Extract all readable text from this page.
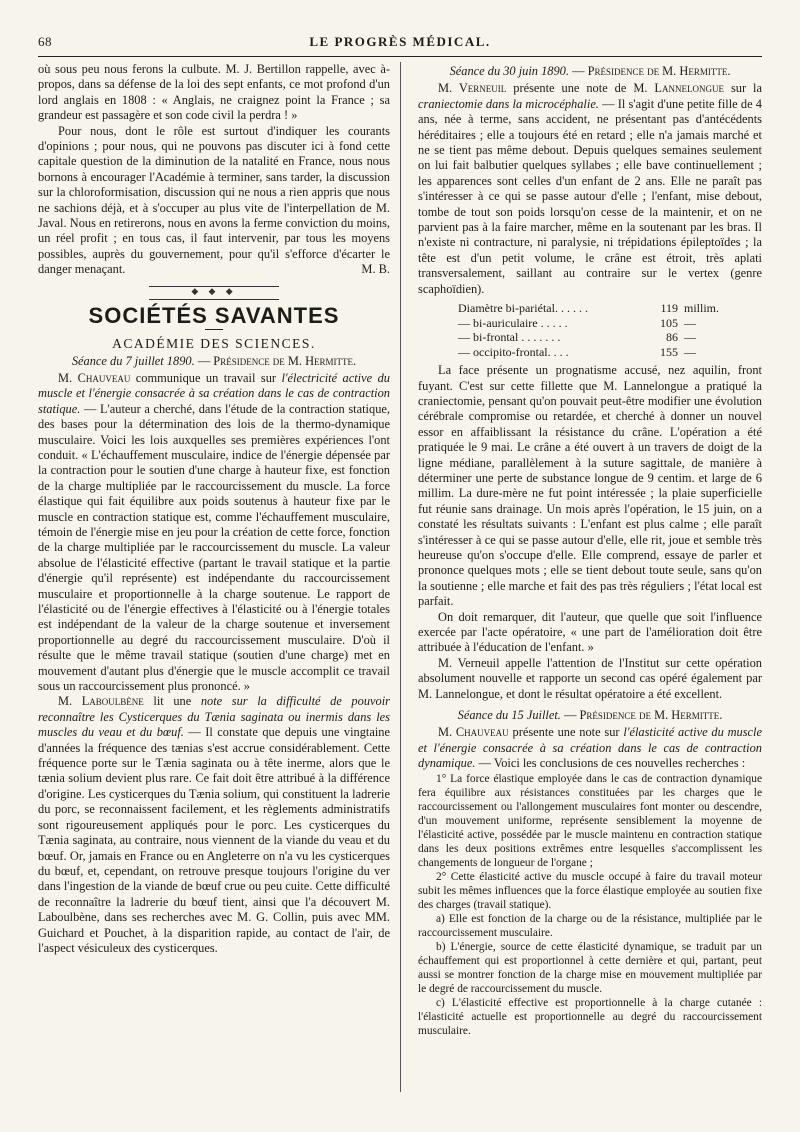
68	LE PROGRÈS MÉDICAL.

où sous peu nous ferons la culbute. M. J. Bertillon rappelle, avec à-propos, dans sa défense de la loi des sept enfants, ce mot profond d'un lord anglais en 1808 : « Anglais, ne craignez point la France ; sa grandeur est passagère et son code civil la perdra ! »

Pour nous, dont le rôle est surtout d'indiquer les courants d'opinions ; pour nous, qui ne pouvons pas discuter ici à fond cette capitale question de la diminution de la natalité en France, nous nous bornons à encourager l'Académie à terminer, sans tarder, la discussion sur la chloroformisation, discussion qui ne nous a rien appris que nous ne sachions déjà, et à s'occuper au plus vite de l'interpellation de M. Javal. Nous en retirerons, nous en avons la ferme conviction du moins, un réel profit ; en tous cas, il faut intervenir, par tous les moyens possibles, auprès du gouvernement, pour qu'il s'efforce d'écarter le danger menaçant.	M. B.

◆ ◆ ◆
SOCIÉTÉS SAVANTES
ACADÉMIE DES SCIENCES.

Séance du 7 juillet 1890. — Présidence de M. Hermitte.

M. Chauveau communique un travail sur l'électricité active du muscle et l'énergie consacrée à sa création dans le cas de contraction statique. — L'auteur a cherché, dans l'étude de la contraction statique, des bases pour la détermination des lois de la thermo-dynamique musculaire. Voici les lois auxquelles ses premières expériences l'ont conduit. « L'échauffement musculaire, indice de l'énergie dépensée par la contraction pour le soutien d'une charge à hauteur fixe, est fonction de la charge multipliée par le raccourcissement du muscle. La force élastique qui fait équilibre aux poids soutenus à hauteur fixe par le muscle en contraction statique est, comme l'échauffement musculaire, témoin de l'énergie mise en jeu pour la création de cette force, fonction de la charge multipliée par le raccourcissement du muscle. La valeur absolue de l'élasticité effective (partant le travail statique et la partie d'énergie qu'il représente) est indépendante du raccourcissement musculaire et proportionnelle à la charge soutenue. Le rapport de l'élasticité ou de l'énergie effectives à l'élasticité ou à l'énergie totales est indépendant de la valeur de la charge soutenue et inversement proportionnelle au degré du raccourcissement musculaire. D'où il résulte que le même travail statique (soutien d'une charge) met en mouvement d'autant plus d'énergie que le muscle accomplit ce travail sous un raccourcissement plus prononcé. »

M. Laboulbène lit une note sur la difficulté de pouvoir reconnaître les Cysticerques du Tænia saginata ou inermis dans les muscles du veau et du bœuf. — Il constate que depuis une vingtaine d'années la fréquence des tænias s'est accrue considérablement. Cette fréquence porte sur le Tænia saginata ou à tête inerme, alors que le tænia solium devient plus rare. Ce fait doit être attribué à la différence d'origine. Les cysticerques du Tænia solium, qui constituent la ladrerie du porc, se reconnaissent facilement, et les règlements administratifs sont rigoureusement appliqués pour le porc. Les cysticerques du Tænia saginata, au contraire, nous viennent de la viande du veau et du bœuf. Or, jamais en France ou en Angleterre on n'a vu les cysticerques du bœuf, et, cependant, on retrouve presque toujours l'origine du ver dans l'ingestion de la viande de bœuf crue ou peu cuite. Cette difficulté de reconnaître la ladrerie du bœuf tient, ainsi que l'a découvert M. Laboulbène, dans ses recherches avec M. G. Collin, puis avec MM. Guichard et Pouchet, à la disparition rapide, au contact de l'air, de l'aspect vésiculeux des cysticerques.

Séance du 30 juin 1890. — Présidence de M. Hermitte.

M. Verneuil présente une note de M. Lannelongue sur la craniectomie dans la microcéphalie. — Il s'agit d'une petite fille de 4 ans, née à terme, sans accident, ne présentant pas d'antécédents héréditaires ; elle a toujours été en retard ; elle n'a jamais marché et ne se tient pas même debout. Depuis quelques semaines seulement on lui fait balbutier quelques syllabes ; elle bave continuellement ; les apparences sont celles d'un enfant de 2 ans. Elle ne paraît pas s'intéresser à ce qui se passe autour d'elle ; l'enfant, mise debout, tombe de tout son poids lorsqu'on cesse de la maintenir, et on ne parvient pas à la faire marcher, même en la soutenant par les bras. Il n'existe ni contracture, ni paralysie, ni trépidations épileptoïdes ; la tête est d'un petit volume, le crâne est étroit, très aplati transversalement, saillant au contraire sur le vertex (genre scaphoïdien).

Diamètre bi-pariétal. . . . . .	119 millim.
— bi-auriculaire . . . . .	105 —
— bi-frontal . . . . . . .	86 —
— occipito-frontal. . . .	155 —

La face présente un prognatisme accusé, nez aquilin, front fuyant. C'est sur cette fillette que M. Lannelongue a pratiqué la craniectomie, pensant qu'on pouvait peut-être modifier une évolution cérébrale compromise ou retardée, et cherché à donner un nouvel essor en affaiblissant la résistance du crâne. L'opération a été pratiquée le 9 mai. Le crâne a été ouvert à un travers de doigt de la ligne médiane, parallèlement à la suture sagittale, de manière à déterminer une perte de substance longue de 9 centim. et large de 6 millim. La dure-mère ne fut point intéressée ; la plaie superficielle fut réunie sans drainage. Un mois après l'opération, le 15 juin, on a constaté les résultats suivants : L'enfant est plus calme ; elle paraît s'intéresser à ce qui se passe autour d'elle, elle rit, joue et semble très heureuse qu'on s'occupe d'elle. Elle comprend, essaye de parler et prononce quelques mots ; elle se tient debout toute seule, sans qu'on la soutienne ; elle marche et fait des pas très réguliers ; l'état local est parfait.

On doit remarquer, dit l'auteur, que quelle que soit l'influence exercée par l'acte opératoire, « une part de l'amélioration doit être attribuée à l'éducation de l'enfant. »

M. Verneuil appelle l'attention de l'Institut sur cette opération absolument nouvelle et rapporte un second cas opéré également par M. Lannelongue, et dont le résultat opératoire a été excellent.

Séance du 15 Juillet. — Présidence de M. Hermitte.

M. Chauveau présente une note sur l'élasticité active du muscle et l'énergie consacrée à sa création dans le cas de contraction dynamique. — Voici les conclusions de ces nouvelles recherches :

1° La force élastique employée dans le cas de contraction dynamique fera équilibre aux résistances constituées par les charges que le raccourcissement ou l'allongement musculaires font monter ou descendre, d'un mouvement uniforme, représente sensiblement la moyenne de l'élasticité active, possédée par le muscle maintenu en contraction statique dans les deux positions extrêmes entre lesquelles s'accomplissent les changements de longueur de l'organe ;

2° Cette élasticité active du muscle occupé à faire du travail moteur subit les mêmes influences que la force élastique employée au soutien fixe des charges (travail statique).

a) Elle est fonction de la charge ou de la résistance, multipliée par le raccourcissement musculaire.

b) L'énergie, source de cette élasticité dynamique, se traduit par un échauffement qui est proportionnel à cette dernière et qui, partant, peut aussi se montrer fonction de la charge mise en mouvement multipliée par le degré de raccourcissement du muscle.

c) L'élasticité effective est proportionnelle à la charge cutanée : l'élasticité actuelle est proportionnelle au degré du raccourcissement musculaire.
